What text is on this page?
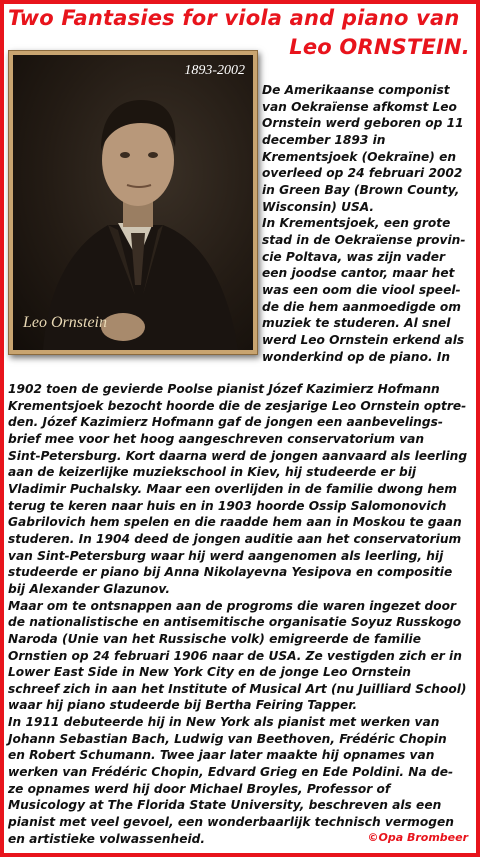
Two Fantasies for viola and piano van
Leo ORNSTEIN.
1893-2002
Leo Ornstein
De Amerikaanse componist
van Oekraïense afkomst Leo
Ornstein werd geboren op 11
december 1893 in
Krementsjoek (Oekraïne) en
overleed op 24 februari 2002
in Green Bay (Brown County,
Wisconsin) USA.
In Krementsjoek, een grote
stad in de Oekraïense provin-
cie Poltava, was zijn vader
een joodse cantor, maar het
was een oom die viool speel-
de die hem aanmoedigde om
muziek te studeren. Al snel
werd Leo Ornstein erkend als
wonderkind op de piano. In
1902 toen de gevierde Poolse pianist Józef Kazimierz Hofmann
Krementsjoek bezocht hoorde die de zesjarige Leo Ornstein optre-
den. Józef Kazimierz Hofmann gaf de jongen een aanbevelings-
brief mee voor het hoog aangeschreven conservatorium van
Sint-Petersburg. Kort daarna werd de jongen aanvaard als leerling
aan de keizerlijke muziekschool in Kiev, hij studeerde er bij
Vladimir Puchalsky. Maar een overlijden in de familie dwong hem
terug te keren naar huis en in 1903 hoorde Ossip Salomonovich
Gabrilovich hem spelen en die raadde hem aan in Moskou te gaan
studeren. In 1904 deed de jongen auditie aan het conservatorium
van Sint-Petersburg waar hij werd aangenomen als leerling, hij
studeerde er piano bij Anna Nikolayevna Yesipova en compositie
bij Alexander Glazunov.
Maar om te ontsnappen aan de progroms die waren ingezet door
de nationalistische en antisemitische organisatie Soyuz Russkogo
Naroda (Unie van het Russische volk) emigreerde de familie
Ornstien op 24 februari 1906 naar de USA. Ze vestigden zich er in
Lower East Side in New York City en de jonge Leo Ornstein
schreef zich in aan het Institute of Musical Art (nu Juilliard School)
waar hij piano studeerde bij Bertha Feiring Tapper.
In 1911 debuteerde hij in New York als pianist met werken van
Johann Sebastian Bach, Ludwig van Beethoven, Frédéric Chopin
en Robert Schumann. Twee jaar later maakte hij opnames van
werken van Frédéric Chopin, Edvard Grieg en Ede Poldini. Na de-
ze opnames werd hij door Michael Broyles, Professor of
Musicology at The Florida State University, beschreven als een
pianist met veel gevoel, een wonderbaarlijk technisch vermogen
en artistieke volwassenheid.	©Opa Brombeer
